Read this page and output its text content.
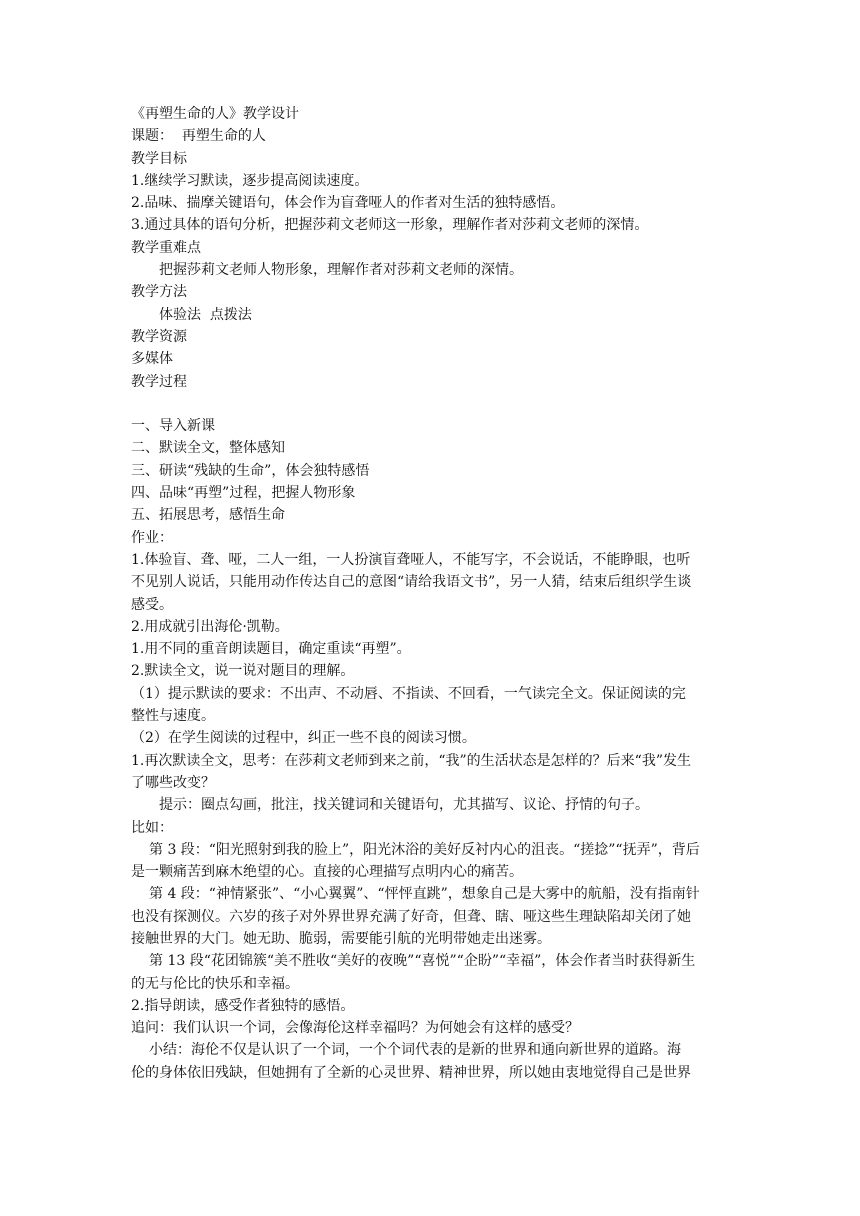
《再塑生命的人》教学设计
课题：  再塑生命的人
教学目标
1.继续学习默读，逐步提高阅读速度。
2.品味、揣摩关键语句，体会作为盲聋哑人的作者对生活的独特感悟。
3.通过具体的语句分析，把握莎莉文老师这一形象，理解作者对莎莉文老师的深情。
教学重难点
把握莎莉文老师人物形象，理解作者对莎莉文老师的深情。
教学方法
体验法  点拨法
教学资源
多媒体
教学过程
一、导入新课
二、默读全文，整体感知
三、研读“残缺的生命”，体会独特感悟
四、品味“再塑”过程，把握人物形象
五、拓展思考，感悟生命
作业：
1.体验盲、聋、哑，二人一组，一人扮演盲聋哑人，不能写字，不会说话，不能睁眼，也听
不见别人说话，只能用动作传达自己的意图“请给我语文书”，另一人猜，结束后组织学生谈
感受。
2.用成就引出海伦·凯勒。
1.用不同的重音朗读题目，确定重读“再塑”。
2.默读全文，说一说对题目的理解。
（1）提示默读的要求：不出声、不动唇、不指读、不回看，一气读完全文。保证阅读的完
整性与速度。
（2）在学生阅读的过程中，纠正一些不良的阅读习惯。
1.再次默读全文，思考：在莎莉文老师到来之前，“我”的生活状态是怎样的？后来“我”发生
了哪些改变？
提示：圈点勾画，批注，找关键词和关键语句，尤其描写、议论、抒情的句子。
比如：
第 3 段：“阳光照射到我的脸上”，阳光沐浴的美好反衬内心的沮丧。“搓捻”“抚弄”，背后
是一颗痛苦到麻木绝望的心。直接的心理描写点明内心的痛苦。
第 4 段：“神情紧张”、“小心翼翼”、“怦怦直跳”，想象自己是大雾中的航船，没有指南针
也没有探测仪。六岁的孩子对外界世界充满了好奇，但聋、瞎、哑这些生理缺陷却关闭了她
接触世界的大门。她无助、脆弱，需要能引航的光明带她走出迷雾。
第 13 段“花团锦簇“美不胜收“美好的夜晚”“喜悦”“企盼”“幸福”，体会作者当时获得新生
的无与伦比的快乐和幸福。
2.指导朗读，感受作者独特的感悟。
追问：我们认识一个词，会像海伦这样幸福吗？为何她会有这样的感受？
小结：海伦不仅是认识了一个词，一个个词代表的是新的世界和通向新世界的道路。海
伦的身体依旧残缺，但她拥有了全新的心灵世界、精神世界，所以她由衷地觉得自己是世界
